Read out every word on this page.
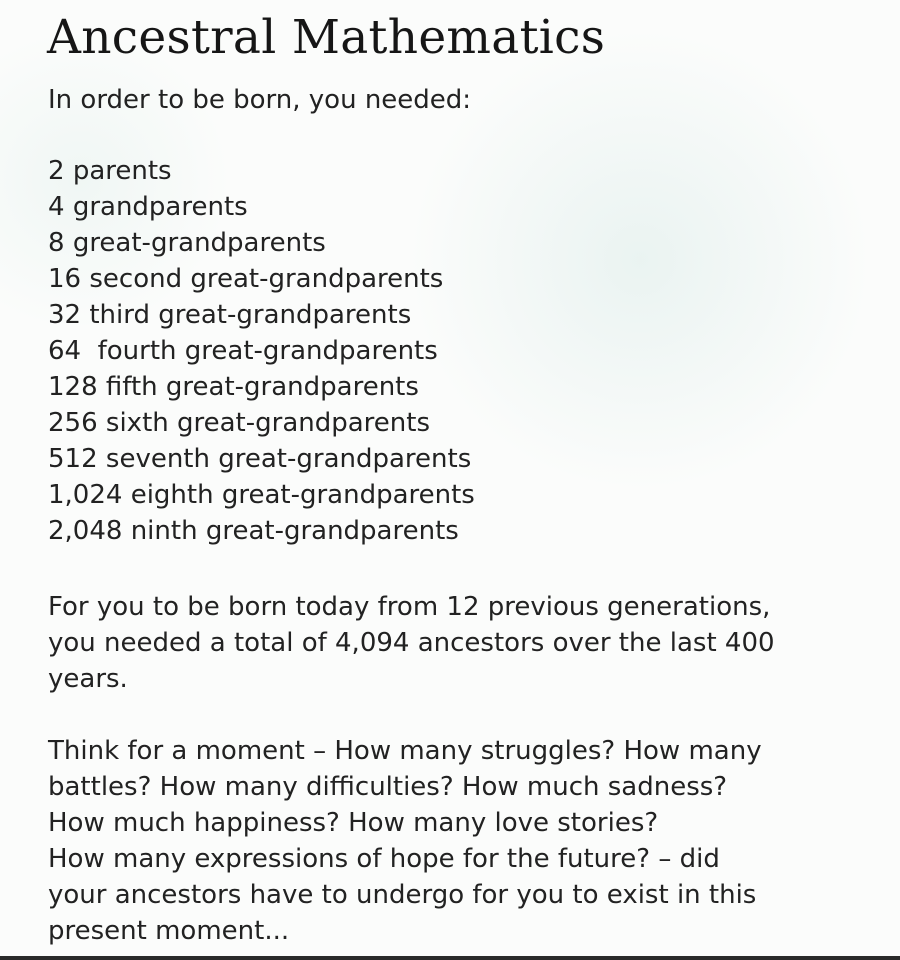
Ancestral Mathematics

In order to be born, you needed:

2 parents
4 grandparents
8 great-grandparents
16 second great-grandparents
32 third great-grandparents
64  fourth great-grandparents
128 fifth great-grandparents
256 sixth great-grandparents
512 seventh great-grandparents
1,024 eighth great-grandparents
2,048 ninth great-grandparents

For you to be born today from 12 previous generations,
you needed a total of 4,094 ancestors over the last 400
years.

Think for a moment – How many struggles? How many
battles? How many difficulties? How much sadness?
How much happiness? How many love stories?
How many expressions of hope for the future? – did
your ancestors have to undergo for you to exist in this
present moment...
